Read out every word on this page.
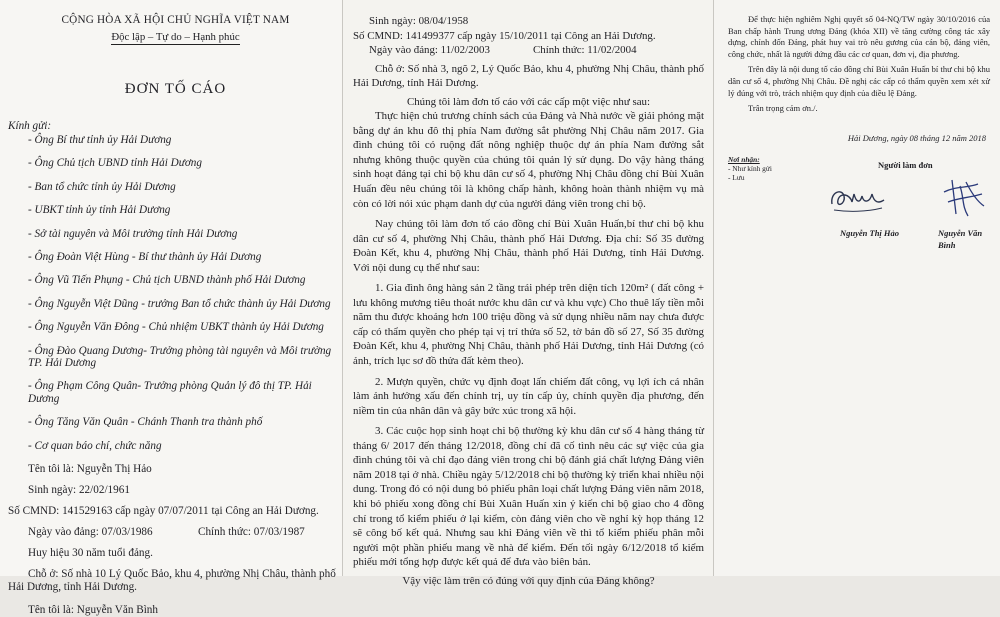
CỘNG HÒA XÃ HỘI CHỦ NGHĨA VIỆT NAM
Độc lập – Tự do – Hạnh phúc
ĐƠN TỐ CÁO
Kính gửi:
- Ông Bí thư tỉnh ủy Hải Dương
- Ông Chủ tịch UBND tỉnh Hải Dương
- Ban tổ chức tỉnh ủy Hải Dương
- UBKT tỉnh ủy tỉnh Hải Dương
- Sở tài nguyên và Môi trường tỉnh Hải Dương
- Ông Đoàn Việt Hùng - Bí thư thành ủy Hải Dương
- Ông Vũ Tiến Phụng - Chủ tịch UBND thành phố Hải Dương
- Ông Nguyễn Việt Dũng - trưởng Ban tổ chức thành ủy Hải Dương
- Ông Nguyễn Văn Đông - Chủ nhiệm UBKT thành ủy Hải Dương
- Ông Đào Quang Dương- Trưởng phòng tài nguyên và Môi trường TP. Hải Dương
- Ông Phạm Công Quân- Trưởng phòng Quản lý đô thị TP. Hải Dương
- Ông Tăng Văn Quân - Chánh Thanh tra thành phố
- Cơ quan báo chí, chức năng
Tên tôi là: Nguyễn Thị Hảo
Sinh ngày: 22/02/1961
Số CMND: 141529163 cấp ngày 07/07/2011 tại Công an Hải Dương.
Ngày vào đảng: 07/03/1986	Chính thức: 07/03/1987
Huy hiệu 30 năm tuổi đảng.
Chỗ ở: Số nhà 10 Lý Quốc Bảo, khu 4, phường Nhị Châu, thành phố Hải Dương, tỉnh Hải Dương.
Tên tôi là: Nguyễn Văn Bình
Sinh ngày: 08/04/1958
Số CMND: 141499377 cấp ngày 15/10/2011 tại Công an Hải Dương.
Ngày vào đảng: 11/02/2003	Chính thức: 11/02/2004

Chỗ ở: Số nhà 3, ngõ 2, Lý Quốc Bảo, khu 4, phường Nhị Châu, thành phố Hải Dương, tỉnh Hải Dương.

Chúng tôi làm đơn tố cáo với các cấp một việc như sau:

Thực hiện chủ trương chính sách của Đảng và Nhà nước về giải phóng mặt bằng dự án khu đô thị phía Nam đường sắt phường Nhị Châu năm 2017. Gia đình chúng tôi có ruộng đất nông nghiệp thuộc dự án phía Nam đường sắt nhưng không thuộc quyền của chúng tôi quản lý sử dụng. Do vậy hàng tháng sinh hoạt đảng tại chi bộ khu dân cư số 4, phường Nhị Châu đồng chí Bùi Xuân Huấn đều nêu chúng tôi là không chấp hành, không hoàn thành nhiệm vụ mà còn có lời nói xúc phạm danh dự của người đảng viên trong chi bộ.

Nay chúng tôi làm đơn tố cáo đồng chí Bùi Xuân Huấn,bí thư chi bộ khu dân cư số 4, phường Nhị Châu, thành phố Hải Dương. Địa chỉ: Số 35 đường Đoàn Kết, khu 4, phường Nhị Châu, thành phố Hải Dương, tỉnh Hải Dương. Với nội dung cụ thể như sau:

1. Gia đình ông hàng sản 2 tầng trái phép trên diện tích 120m² ( đất công + lưu không mương tiêu thoát nước khu dân cư và khu vực) Cho thuê lấy tiền mỗi năm thu được khoảng hơn 100 triệu đồng và sử dụng nhiều năm nay chưa được cấp có thẩm quyền cho phép tại vị trí thửa số 52, tờ bản đồ số 27, Số 35 đường Đoàn Kết, khu 4, phường Nhị Châu, thành phố Hải Dương, tỉnh Hải Dương (có ảnh, trích lục sơ đồ thửa đất kèm theo).

2. Mượn quyền, chức vụ định đoạt lấn chiếm đất công, vụ lợi ích cá nhân làm ảnh hưởng xấu đến chính trị, uy tín cấp ủy, chính quyền địa phương, đến niềm tin của nhân dân và gây bức xúc trong xã hội.

3. Các cuộc họp sinh hoạt chi bộ thường kỳ khu dân cư số 4 hàng tháng từ tháng 6/ 2017 đến tháng 12/2018, đồng chí đã cố tình nêu các sự việc của gia đình chúng tôi và chỉ đạo đảng viên trong chi bộ đánh giá chất lượng Đảng viên năm 2018 tại ở nhà. Chiều ngày 5/12/2018 chi bộ thường kỳ triển khai nhiều nội dung. Trong đó có nội dung bỏ phiếu phân loại chất lượng Đảng viên năm 2018, khi bỏ phiếu xong đồng chí Bùi Xuân Huấn xin ý kiến chi bộ giao cho 4 đồng chí trong tổ kiểm phiếu ở lại kiểm, còn đảng viên cho về nghỉ kỳ họp tháng 12 sẽ công bố kết quả. Nhưng sau khi Đảng viên về thì tổ kiểm phiếu phân mỗi người một phần phiếu mang về nhà để kiểm. Đến tối ngày 6/12/2018 tổ kiểm phiếu mới tổng hợp được kết quả để đưa vào biên bản.

Vậy việc làm trên có đúng với quy định của Đảng không?

Để thực hiện nghiêm Nghị quyết số 04-NQ/TW ngày 30/10/2016 của Ban chấp hành Trung ương Đảng (khóa XII) về tăng cường công tác xây dựng, chỉnh đốn Đảng, phát huy vai trò nêu gương của cán bộ, đảng viên, công chức, nhất là người đứng đầu các cơ quan, đơn vị, địa phương.

Trên đây là nội dung tố cáo đồng chí Bùi Xuân Huấn bí thư chi bộ khu dân cư số 4, phường Nhị Châu. Đề nghị các cấp có thẩm quyền xem xét xử lý đúng với trò, trách nhiệm quy định của điều lệ Đảng.

Trân trọng cảm ơn./.

Hải Dương, ngày 08 tháng 12 năm 2018
Người làm đơn
Nơi nhận:
- Như kính gửi
- Lưu
Nguyễn Thị Hảo	Nguyễn Văn Bình
